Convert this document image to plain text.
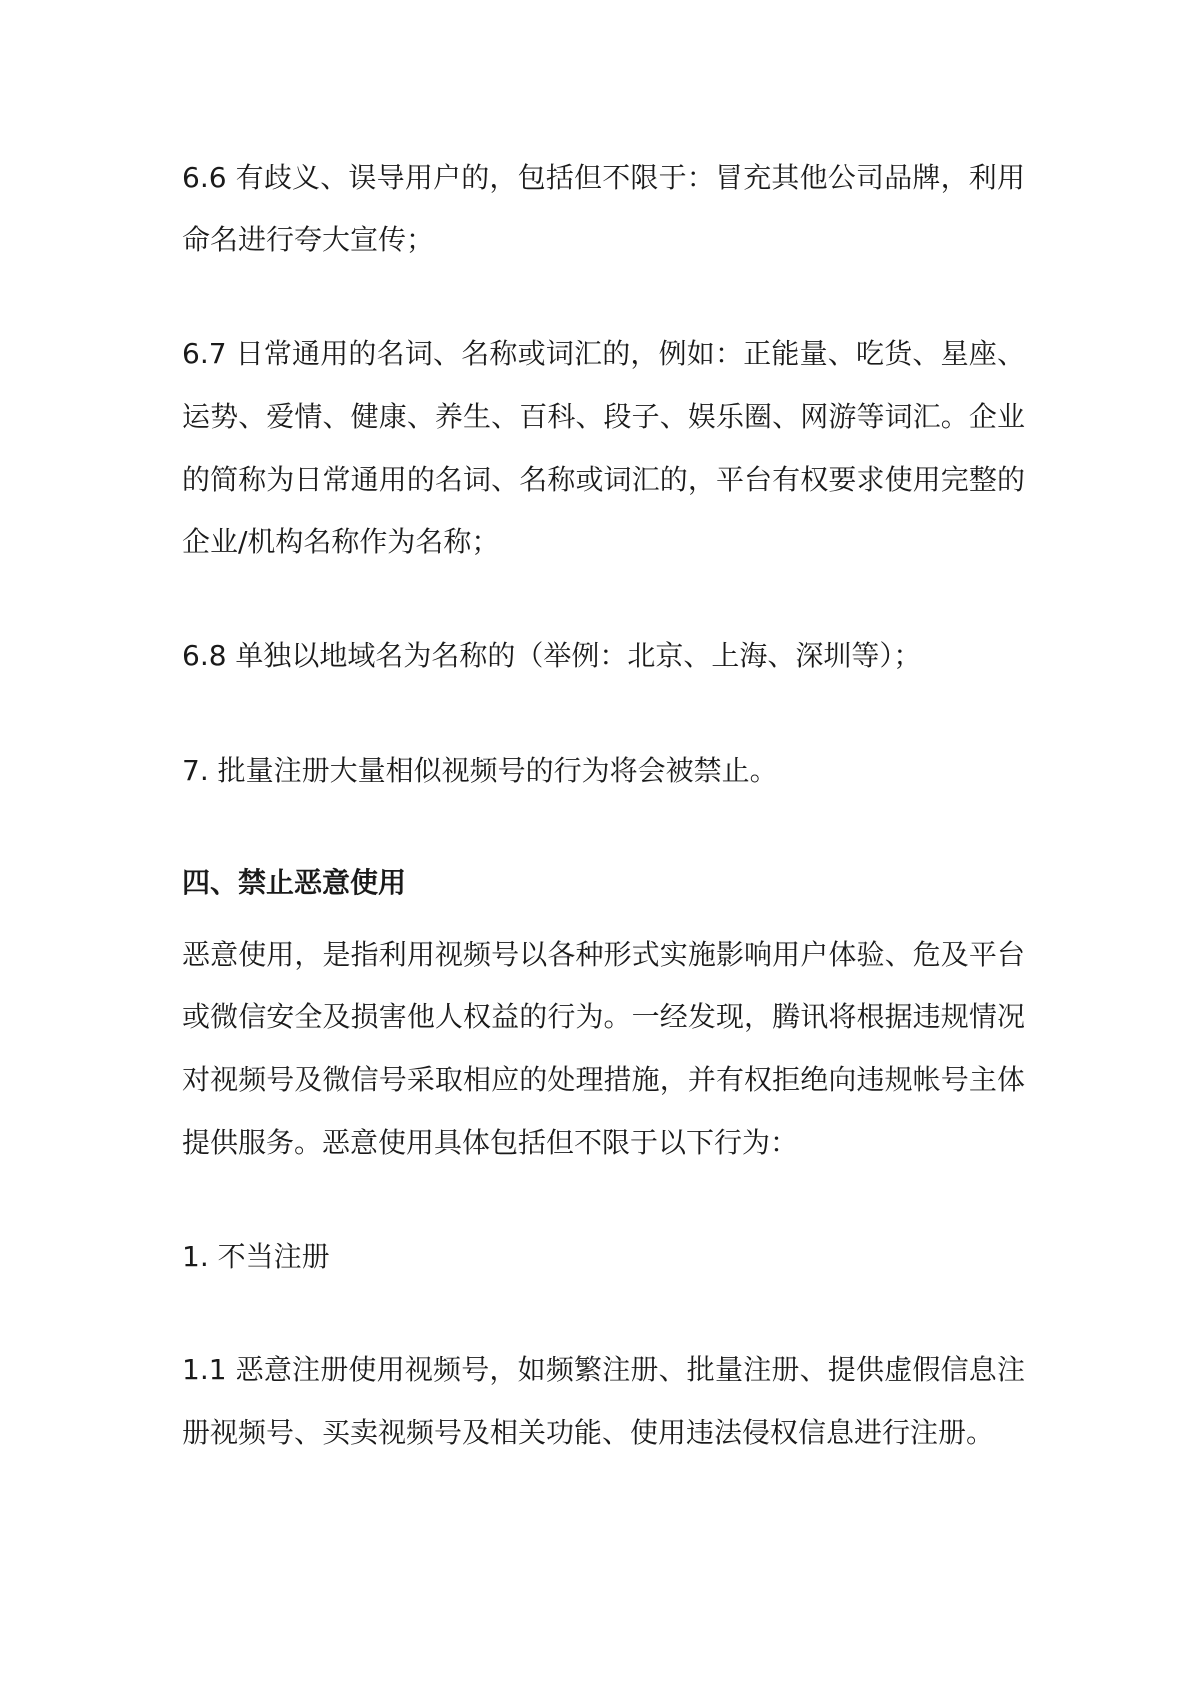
6.6 有歧义、误导用户的，包括但不限于：冒充其他公司品牌，利用
命名进行夸大宣传；
6.7 日常通用的名词、名称或词汇的，例如：正能量、吃货、星座、
运势、爱情、健康、养生、百科、段子、娱乐圈、网游等词汇。企业
的简称为日常通用的名词、名称或词汇的，平台有权要求使用完整的
企业/机构名称作为名称；
6.8 单独以地域名为名称的（举例：北京、上海、深圳等）；
7. 批量注册大量相似视频号的行为将会被禁止。
四、禁止恶意使用
恶意使用，是指利用视频号以各种形式实施影响用户体验、危及平台
或微信安全及损害他人权益的行为。一经发现，腾讯将根据违规情况
对视频号及微信号采取相应的处理措施，并有权拒绝向违规帐号主体
提供服务。恶意使用具体包括但不限于以下行为：
1. 不当注册
1.1 恶意注册使用视频号，如频繁注册、批量注册、提供虚假信息注
册视频号、买卖视频号及相关功能、使用违法侵权信息进行注册。
